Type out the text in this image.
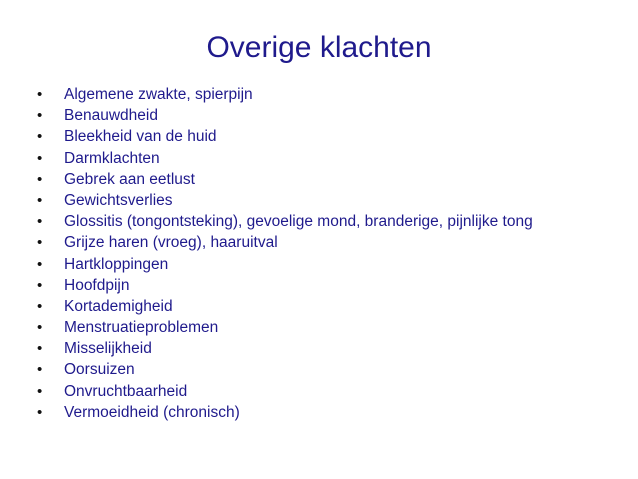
Overige klachten
•	Algemene zwakte, spierpijn
•	Benauwdheid
•	Bleekheid van de huid
•	Darmklachten
•	Gebrek aan eetlust
•	Gewichtsverlies
•	Glossitis (tongontsteking), gevoelige mond, branderige, pijnlijke tong
•	Grijze haren (vroeg), haaruitval
•	Hartkloppingen
•	Hoofdpijn
•	Kortademigheid
•	Menstruatieproblemen
•	Misselijkheid
•	Oorsuizen
•	Onvruchtbaarheid
•	Vermoeidheid (chronisch)
